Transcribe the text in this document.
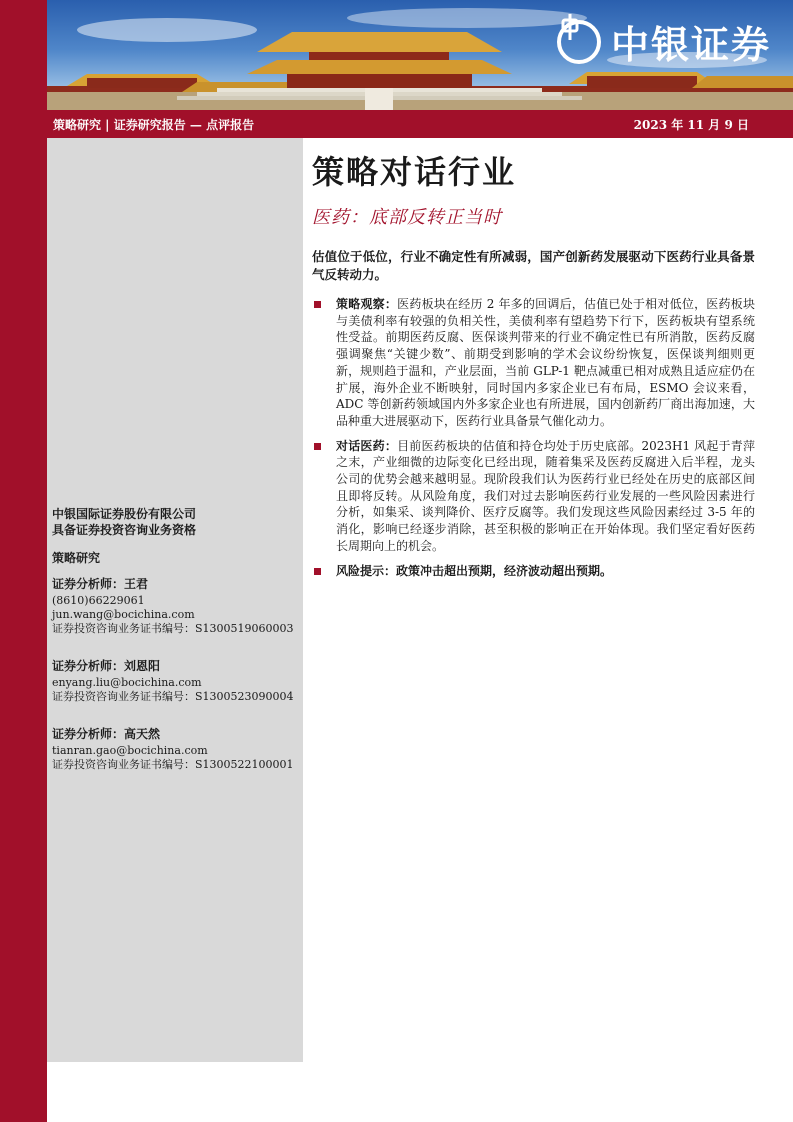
中银证券
策略研究 | 证券研究报告 — 点评报告	2023 年 11 月 9 日
中银国际证券股份有限公司
具备证券投资咨询业务资格
策略研究
证券分析师：王君
(8610)66229061
jun.wang@bocichina.com
证券投资咨询业务证书编号：S1300519060003
证券分析师：刘恩阳
enyang.liu@bocichina.com
证券投资咨询业务证书编号：S1300523090004
证券分析师：高天然
tianran.gao@bocichina.com
证券投资咨询业务证书编号：S1300522100001
策略对话行业
医药：底部反转正当时
估值位于低位，行业不确定性有所减弱，国产创新药发展驱动下医药行业具备景气反转动力。
策略观察：医药板块在经历 2 年多的回调后，估值已处于相对低位，医药板块与美债利率有较强的负相关性，美债利率有望趋势下行下，医药板块有望系统性受益。前期医药反腐、医保谈判带来的行业不确定性已有所消散，医药反腐强调聚焦“关键少数”、前期受到影响的学术会议纷纷恢复，医保谈判细则更新，规则趋于温和，产业层面，当前 GLP-1 靶点减重已相对成熟且适应症仍在扩展，海外企业不断映射，同时国内多家企业已有布局，ESMO 会议来看，ADC 等创新药领域国内外多家企业也有所进展，国内创新药厂商出海加速，大品种重大进展驱动下，医药行业具备景气催化动力。
对话医药：目前医药板块的估值和持仓均处于历史底部。2023H1 风起于青萍之末，产业细微的边际变化已经出现，随着集采及医药反腐进入后半程，龙头公司的优势会越来越明显。现阶段我们认为医药行业已经处在历史的底部区间且即将反转。从风险角度，我们对过去影响医药行业发展的一些风险因素进行分析，如集采、谈判降价、医疗反腐等。我们发现这些风险因素经过 3-5 年的消化，影响已经逐步消除，甚至积极的影响正在开始体现。我们坚定看好医药长周期向上的机会。
风险提示：政策冲击超出预期，经济波动超出预期。
